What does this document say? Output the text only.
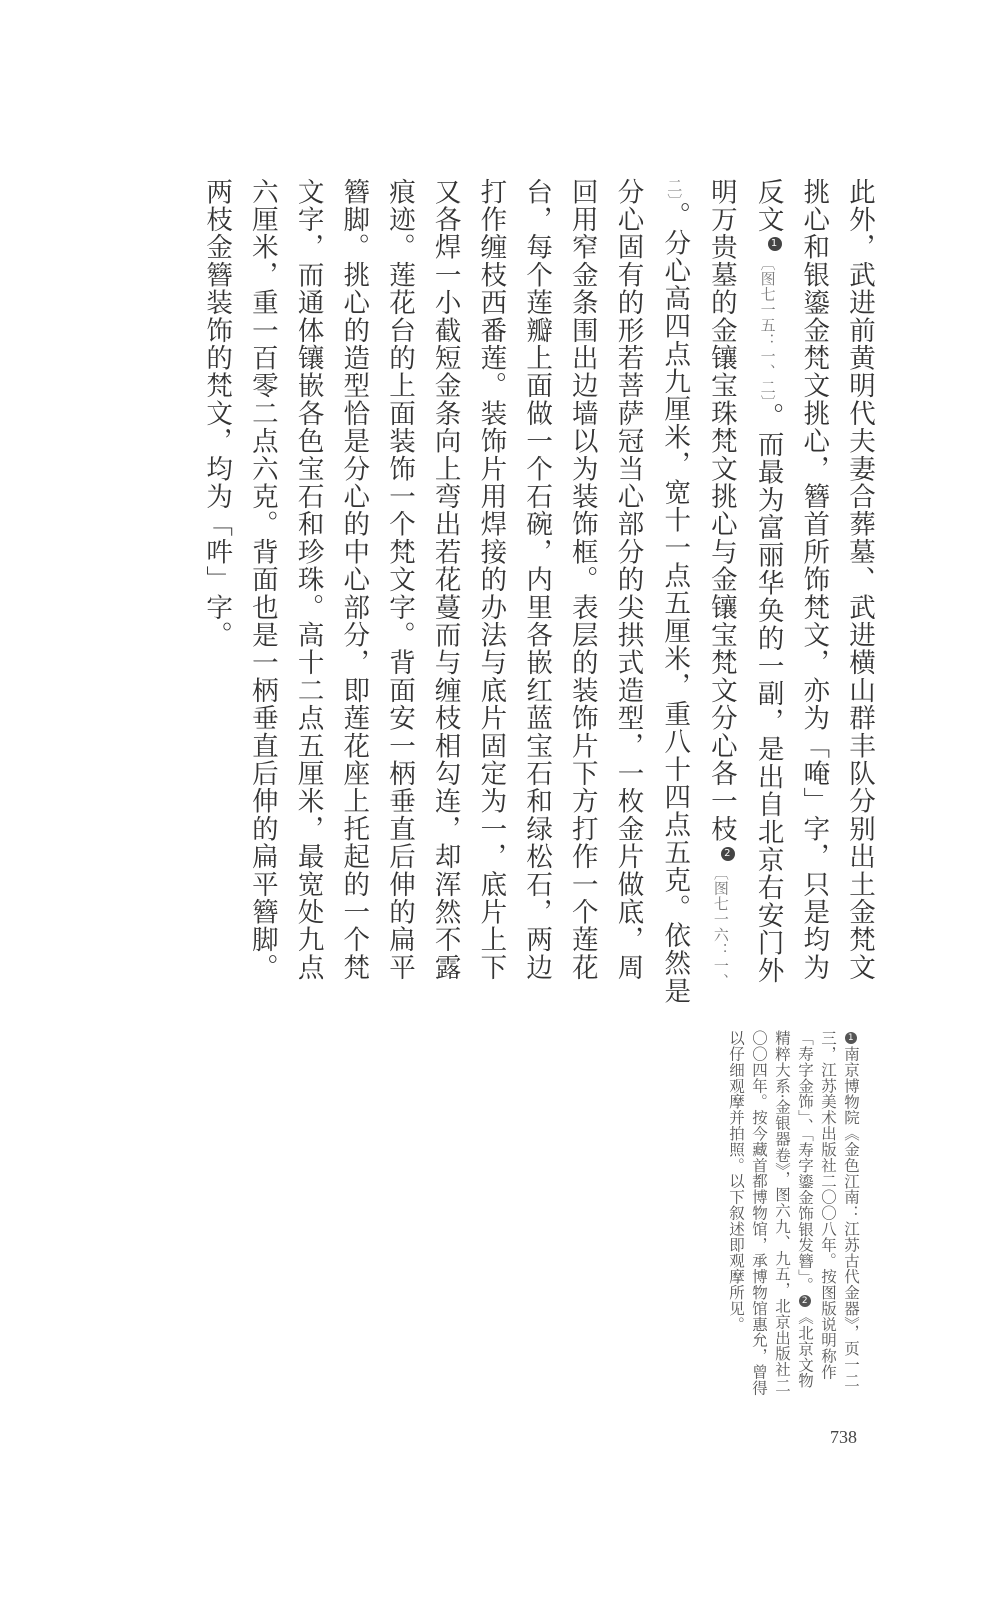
此外，武进前黄明代夫妻合葬墓、武进横山群丰队分别出土金梵文挑心和银鎏金梵文挑心，簪首所饰梵文，亦为「唵」字，只是均为反文1〔图七一五：一、二〕。而最为富丽华奂的一副，是出自北京右安门外明万贵墓的金镶宝珠梵文挑心与金镶宝梵文分心各一枝2〔图七一六：一、二〕。分心高四点九厘米，宽十一点五厘米，重八十四点五克。依然是分心固有的形若菩萨冠当心部分的尖拱式造型，一枚金片做底，周回用窄金条围出边墙以为装饰框。表层的装饰片下方打作一个莲花台，每个莲瓣上面做一个石碗，内里各嵌红蓝宝石和绿松石，两边打作缠枝西番莲。装饰片用焊接的办法与底片固定为一，底片上下又各焊一小截短金条向上弯出若花蔓而与缠枝相勾连，却浑然不露痕迹。莲花台的上面装饰一个梵文字。背面安一柄垂直后伸的扁平簪脚。挑心的造型恰是分心的中心部分，即莲花座上托起的一个梵文字，而通体镶嵌各色宝石和珍珠。高十二点五厘米，最宽处九点六厘米，重一百零二点六克。背面也是一柄垂直后伸的扁平簪脚。两枝金簪装饰的梵文，均为「吽」字。

1南京博物院《金色江南：江苏古代金器》，页一二三，江苏美术出版社二〇〇八年。按图版说明称作「寿字金饰」、「寿字鎏金饰银发簪」。2《北京文物精粹大系·金银器卷》，图六九、九五，北京出版社二〇〇四年。按今藏首都博物馆，承博物馆惠允，曾得以仔细观摩并拍照。以下叙述即观摩所见。

738
